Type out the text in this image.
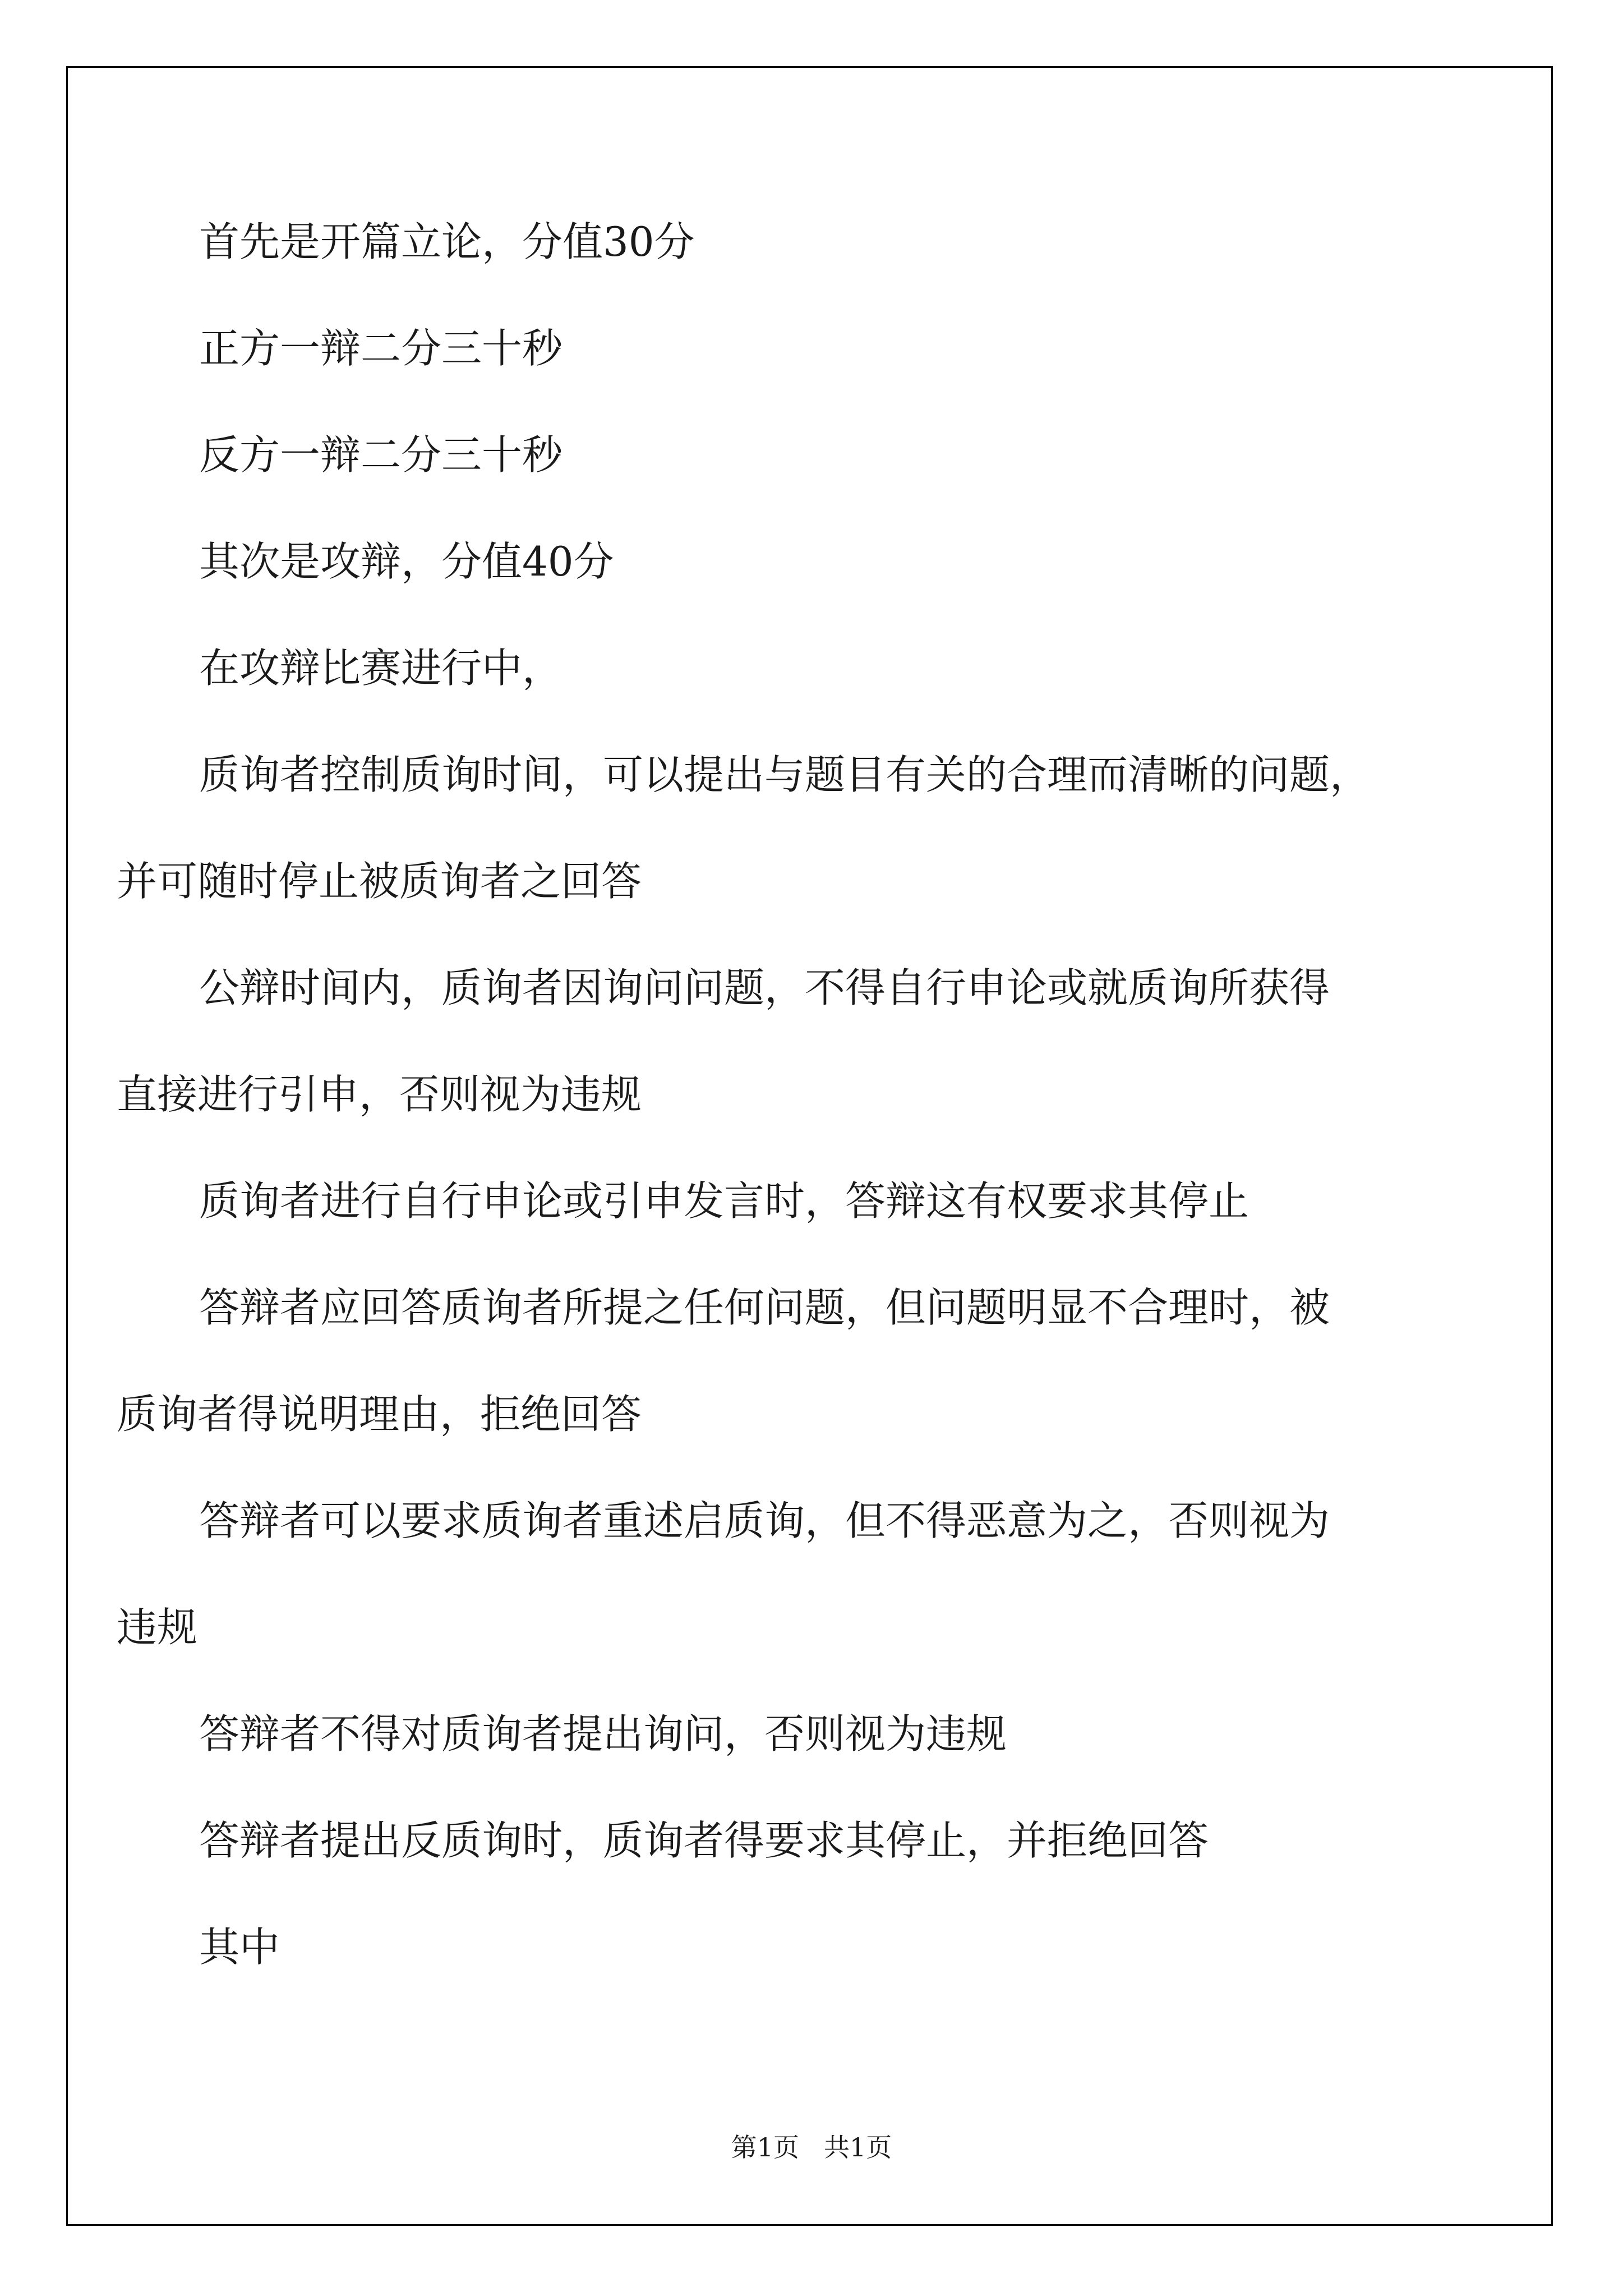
首先是开篇立论，分值30分
正方一辩二分三十秒
反方一辩二分三十秒
其次是攻辩，分值40分
在攻辩比赛进行中，
质询者控制质询时间，可以提出与题目有关的合理而清晰的问题，
并可随时停止被质询者之回答
公辩时间内，质询者因询问问题，不得自行申论或就质询所获得
直接进行引申，否则视为违规
质询者进行自行申论或引申发言时，答辩这有权要求其停止
答辩者应回答质询者所提之任何问题，但问题明显不合理时，被
质询者得说明理由，拒绝回答
答辩者可以要求质询者重述启质询，但不得恶意为之，否则视为
违规
答辩者不得对质询者提出询问，否则视为违规
答辩者提出反质询时，质询者得要求其停止，并拒绝回答
其中
第1页 共1页
